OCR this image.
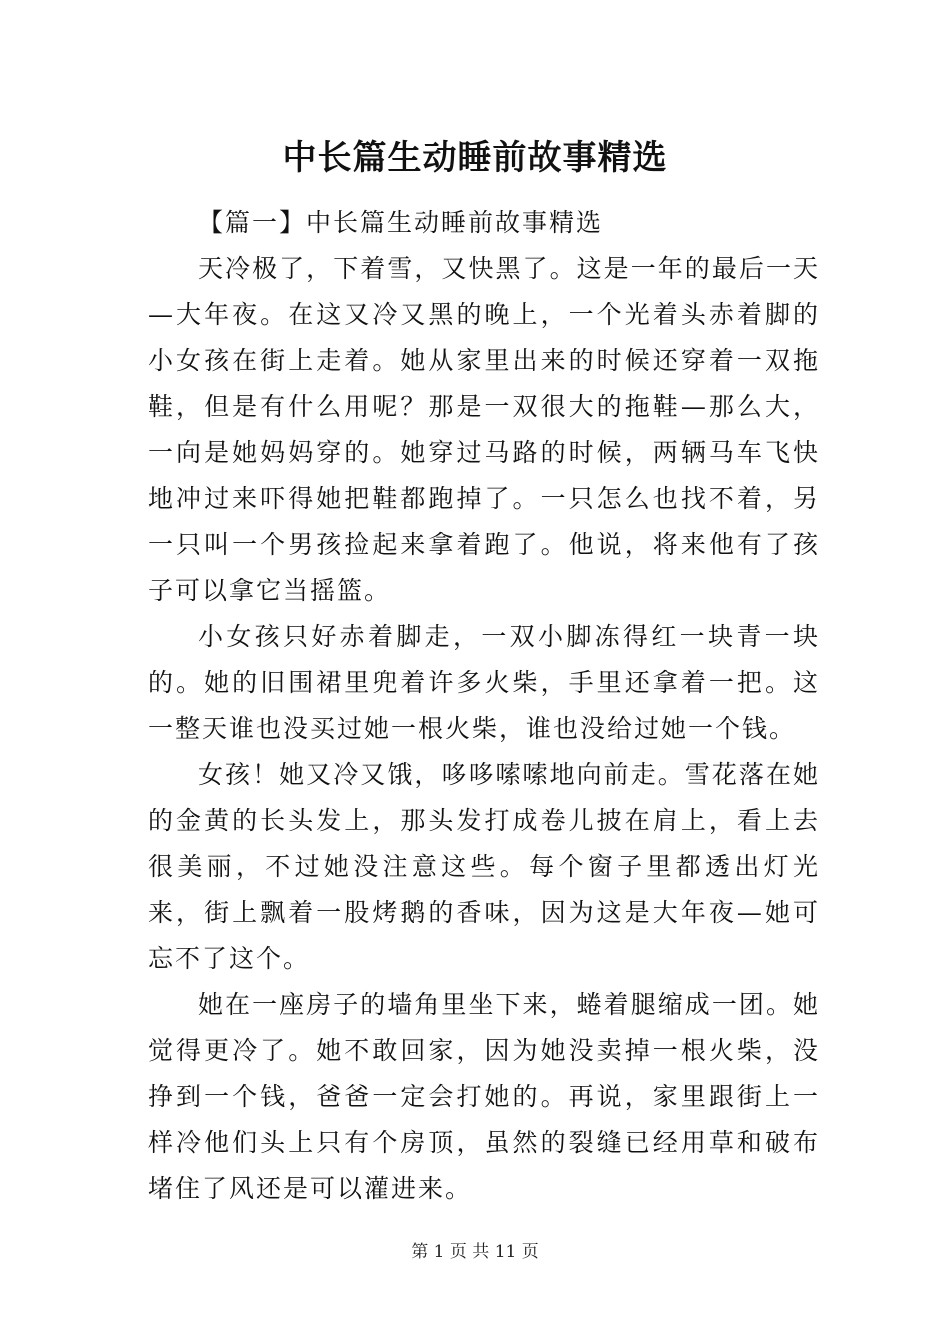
中长篇生动睡前故事精选

【篇一】中长篇生动睡前故事精选

天冷极了，下着雪，又快黑了。这是一年的最后一天—大年夜。在这又冷又黑的晚上，一个光着头赤着脚的小女孩在街上走着。她从家里出来的时候还穿着一双拖鞋，但是有什么用呢？那是一双很大的拖鞋—那么大，一向是她妈妈穿的。她穿过马路的时候，两辆马车飞快地冲过来吓得她把鞋都跑掉了。一只怎么也找不着，另一只叫一个男孩捡起来拿着跑了。他说，将来他有了孩子可以拿它当摇篮。

小女孩只好赤着脚走，一双小脚冻得红一块青一块的。她的旧围裙里兜着许多火柴，手里还拿着一把。这一整天谁也没买过她一根火柴，谁也没给过她一个钱。

女孩！她又冷又饿，哆哆嗦嗦地向前走。雪花落在她的金黄的长头发上，那头发打成卷儿披在肩上，看上去很美丽，不过她没注意这些。每个窗子里都透出灯光来，街上飘着一股烤鹅的香味，因为这是大年夜—她可忘不了这个。

她在一座房子的墙角里坐下来，蜷着腿缩成一团。她觉得更冷了。她不敢回家，因为她没卖掉一根火柴，没挣到一个钱，爸爸一定会打她的。再说，家里跟街上一样冷他们头上只有个房顶，虽然的裂缝已经用草和破布堵住了风还是可以灌进来。

第 1 页 共 11 页
